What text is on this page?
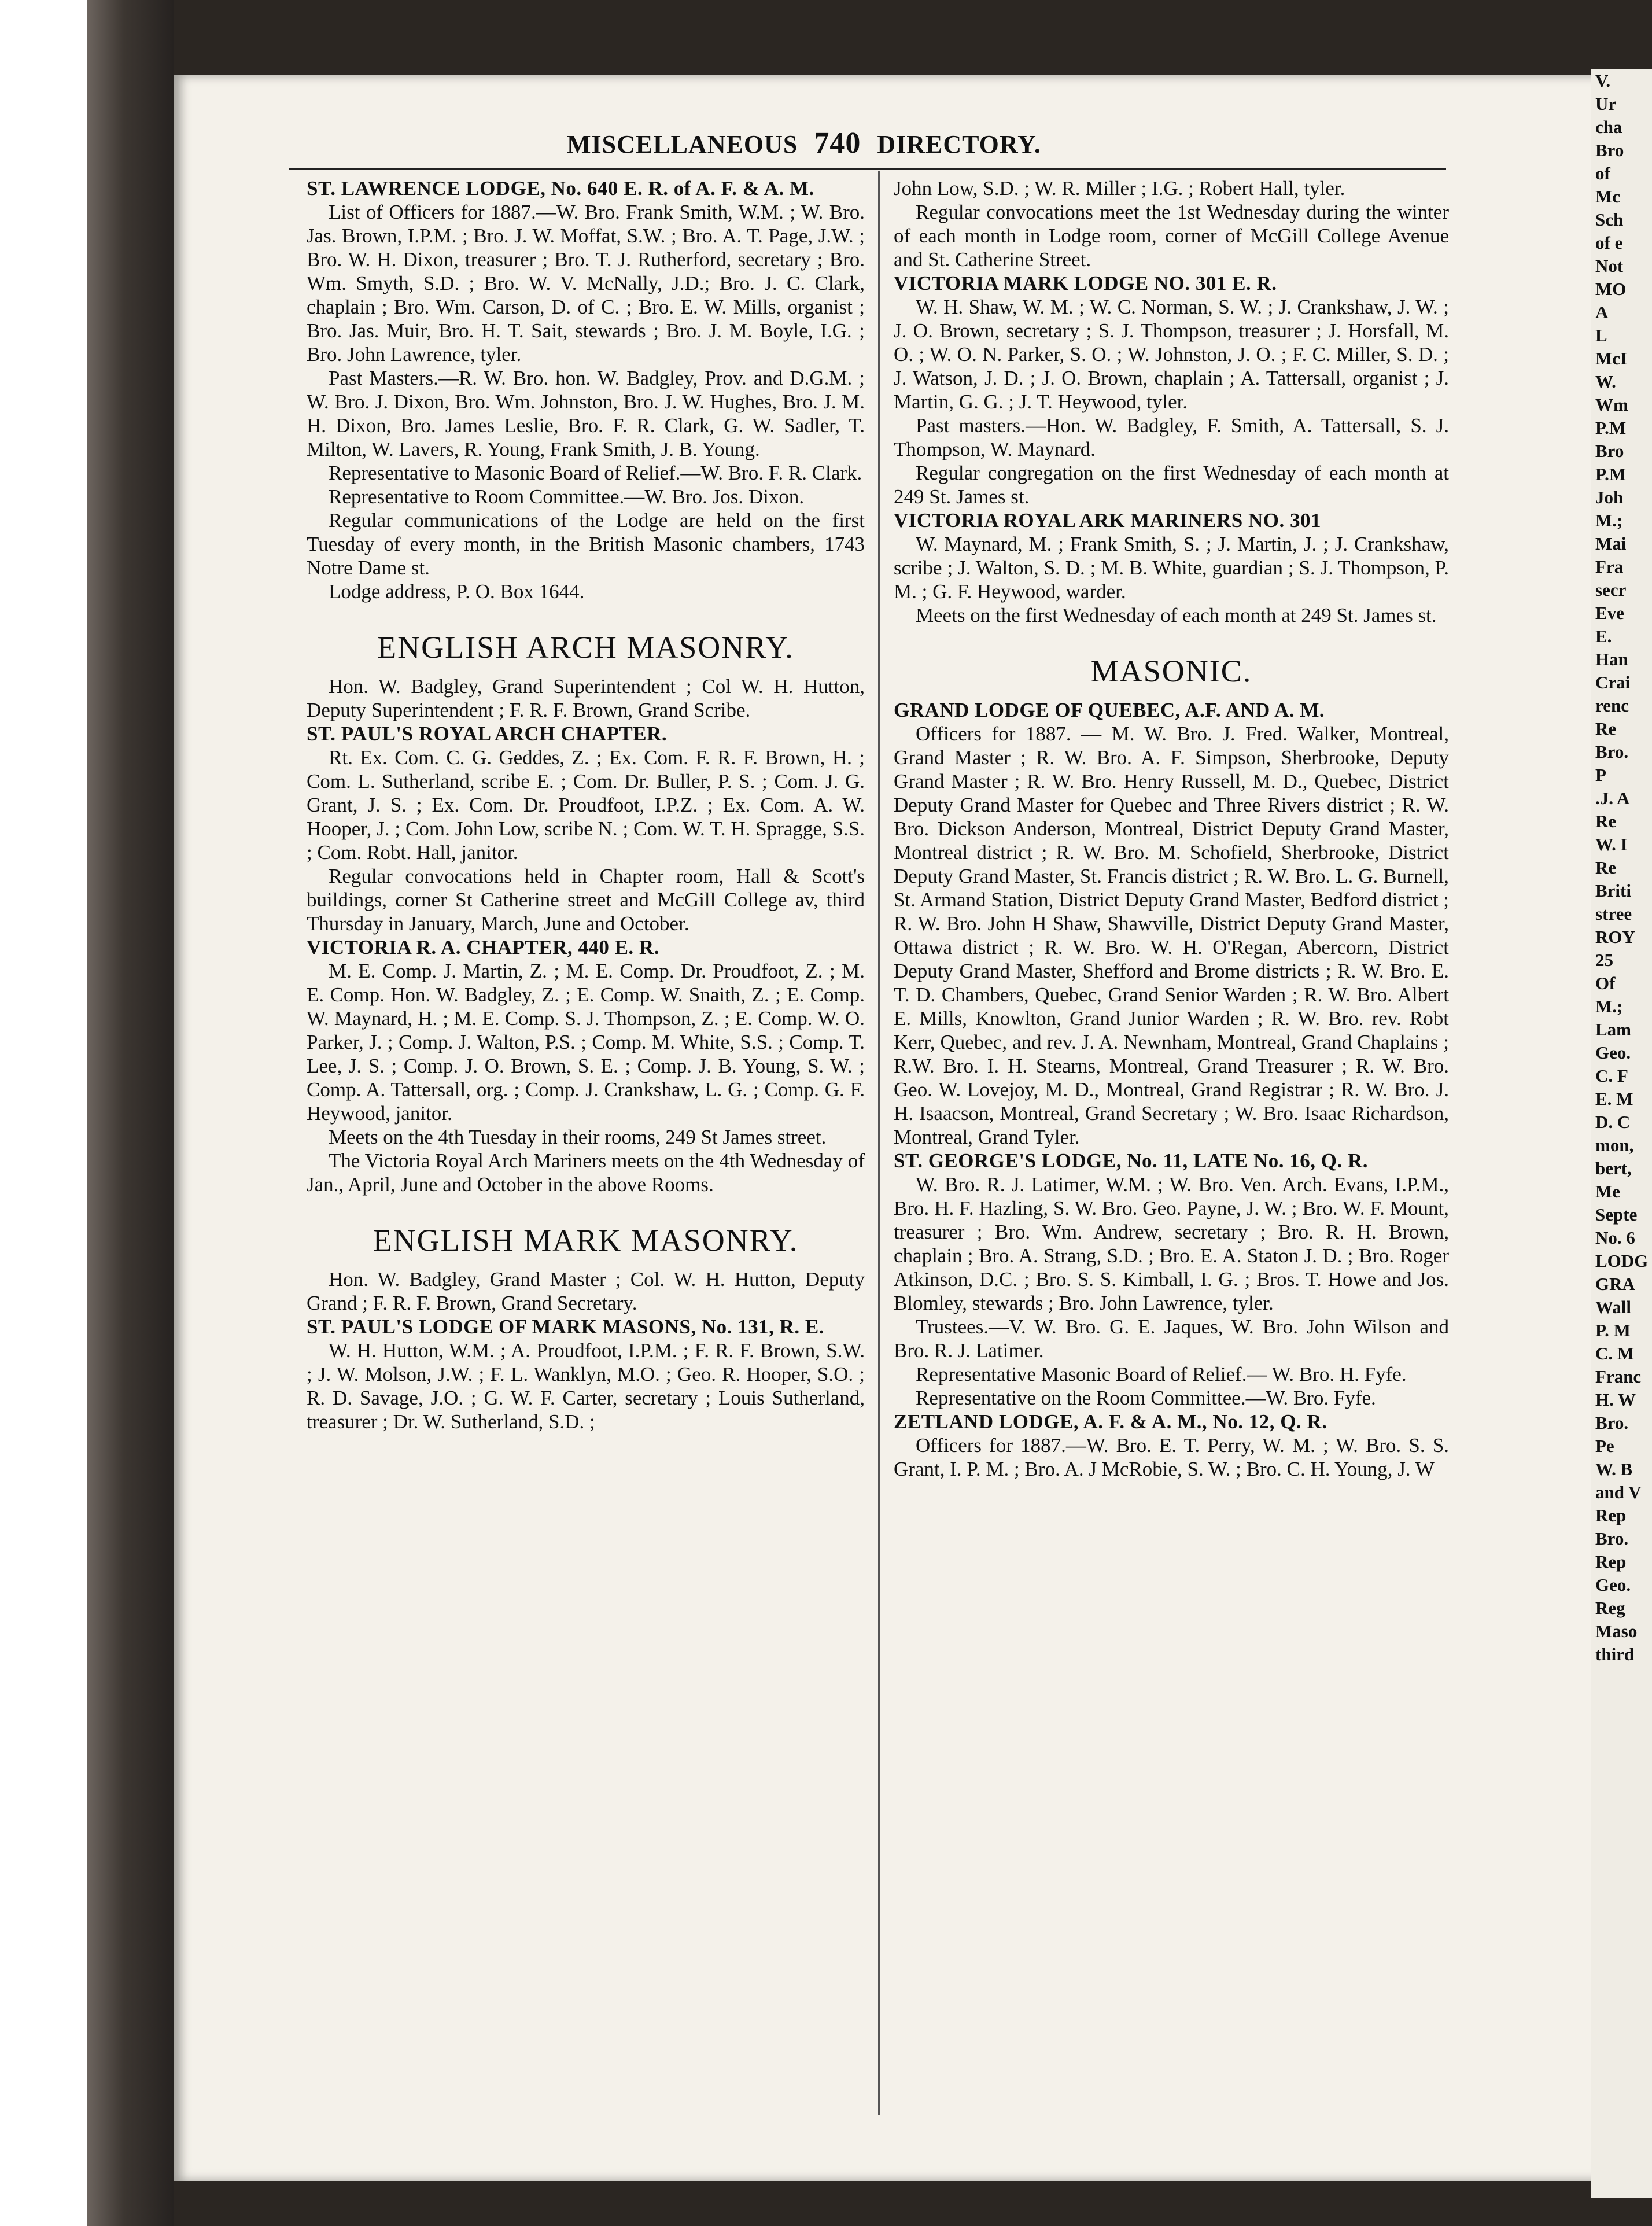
MISCELLANEOUS 740 DIRECTORY.

ST. LAWRENCE LODGE, No. 640 E. R. of A. F. & A. M.

List of Officers for 1887.—W. Bro. Frank Smith, W.M. ; W. Bro. Jas. Brown, I.P.M. ; Bro. J. W. Moffat, S.W. ; Bro. A. T. Page, J.W. ; Bro. W. H. Dixon, treasurer ; Bro. T. J. Rutherford, secretary ; Bro. Wm. Smyth, S.D. ; Bro. W. V. McNally, J.D.; Bro. J. C. Clark, chaplain ; Bro. Wm. Carson, D. of C. ; Bro. E. W. Mills, organist ; Bro. Jas. Muir, Bro. H. T. Sait, stewards ; Bro. J. M. Boyle, I.G. ; Bro. John Lawrence, tyler.

Past Masters.—R. W. Bro. hon. W. Badgley, Prov. and D.G.M. ; W. Bro. J. Dixon, Bro. Wm. Johnston, Bro. J. W. Hughes, Bro. J. M. H. Dixon, Bro. James Leslie, Bro. F. R. Clark, G. W. Sadler, T. Milton, W. Lavers, R. Young, Frank Smith, J. B. Young.

Representative to Masonic Board of Relief.—W. Bro. F. R. Clark.

Representative to Room Committee.—W. Bro. Jos. Dixon.

Regular communications of the Lodge are held on the first Tuesday of every month, in the British Masonic chambers, 1743 Notre Dame st.

Lodge address, P. O. Box 1644.

ENGLISH ARCH MASONRY.

Hon. W. Badgley, Grand Superintendent ; Col W. H. Hutton, Deputy Superintendent ; F. R. F. Brown, Grand Scribe.

ST. PAUL'S ROYAL ARCH CHAPTER.

Rt. Ex. Com. C. G. Geddes, Z. ; Ex. Com. F. R. F. Brown, H. ; Com. L. Sutherland, scribe E. ; Com. Dr. Buller, P. S. ; Com. J. G. Grant, J. S. ; Ex. Com. Dr. Proudfoot, I.P.Z. ; Ex. Com. A. W. Hooper, J. ; Com. John Low, scribe N. ; Com. W. T. H. Spragge, S.S. ; Com. Robt. Hall, janitor.

Regular convocations held in Chapter room, Hall & Scott's buildings, corner St Catherine street and McGill College av, third Thursday in January, March, June and October.

VICTORIA R. A. CHAPTER, 440 E. R.

M. E. Comp. J. Martin, Z. ; M. E. Comp. Dr. Proudfoot, Z. ; M. E. Comp. Hon. W. Badgley, Z. ; E. Comp. W. Snaith, Z. ; E. Comp. W. Maynard, H. ; M. E. Comp. S. J. Thompson, Z. ; E. Comp. W. O. Parker, J. ; Comp. J. Walton, P.S. ; Comp. M. White, S.S. ; Comp. T. Lee, J. S. ; Comp. J. O. Brown, S. E. ; Comp. J. B. Young, S. W. ; Comp. A. Tattersall, org. ; Comp. J. Crankshaw, L. G. ; Comp. G. F. Heywood, janitor.

Meets on the 4th Tuesday in their rooms, 249 St James street.

The Victoria Royal Arch Mariners meets on the 4th Wednesday of Jan., April, June and October in the above Rooms.

ENGLISH MARK MASONRY.

Hon. W. Badgley, Grand Master ; Col. W. H. Hutton, Deputy Grand ; F. R. F. Brown, Grand Secretary.

ST. PAUL'S LODGE OF MARK MASONS, No. 131, R. E.

W. H. Hutton, W.M. ; A. Proudfoot, I.P.M. ; F. R. F. Brown, S.W. ; J. W. Molson, J.W. ; F. L. Wanklyn, M.O. ; Geo. R. Hooper, S.O. ; R. D. Savage, J.O. ; G. W. F. Carter, secretary ; Louis Sutherland, treasurer ; Dr. W. Sutherland, S.D. ;

John Low, S.D. ; W. R. Miller ; I.G. ; Robert Hall, tyler.

Regular convocations meet the 1st Wednesday during the winter of each month in Lodge room, corner of McGill College Avenue and St. Catherine Street.

VICTORIA MARK LODGE NO. 301 E. R.

W. H. Shaw, W. M. ; W. C. Norman, S. W. ; J. Crankshaw, J. W. ; J. O. Brown, secretary ; S. J. Thompson, treasurer ; J. Horsfall, M. O. ; W. O. N. Parker, S. O. ; W. Johnston, J. O. ; F. C. Miller, S. D. ; J. Watson, J. D. ; J. O. Brown, chaplain ; A. Tattersall, organist ; J. Martin, G. G. ; J. T. Heywood, tyler.

Past masters.—Hon. W. Badgley, F. Smith, A. Tattersall, S. J. Thompson, W. Maynard.

Regular congregation on the first Wednesday of each month at 249 St. James st.

VICTORIA ROYAL ARK MARINERS NO. 301

W. Maynard, M. ; Frank Smith, S. ; J. Martin, J. ; J. Crankshaw, scribe ; J. Walton, S. D. ; M. B. White, guardian ; S. J. Thompson, P. M. ; G. F. Heywood, warder.

Meets on the first Wednesday of each month at 249 St. James st.

MASONIC.

GRAND LODGE OF QUEBEC, A.F. AND A. M.

Officers for 1887. — M. W. Bro. J. Fred. Walker, Montreal, Grand Master ; R. W. Bro. A. F. Simpson, Sherbrooke, Deputy Grand Master ; R. W. Bro. Henry Russell, M. D., Quebec, District Deputy Grand Master for Quebec and Three Rivers district ; R. W. Bro. Dickson Anderson, Montreal, District Deputy Grand Master, Montreal district ; R. W. Bro. M. Schofield, Sherbrooke, District Deputy Grand Master, St. Francis district ; R. W. Bro. L. G. Burnell, St. Armand Station, District Deputy Grand Master, Bedford district ; R. W. Bro. John H Shaw, Shawville, District Deputy Grand Master, Ottawa district ; R. W. Bro. W. H. O'Regan, Abercorn, District Deputy Grand Master, Shefford and Brome districts ; R. W. Bro. E. T. D. Chambers, Quebec, Grand Senior Warden ; R. W. Bro. Albert E. Mills, Knowlton, Grand Junior Warden ; R. W. Bro. rev. Robt Kerr, Quebec, and rev. J. A. Newnham, Montreal, Grand Chaplains ; R.W. Bro. I. H. Stearns, Montreal, Grand Treasurer ; R. W. Bro. Geo. W. Lovejoy, M. D., Montreal, Grand Registrar ; R. W. Bro. J. H. Isaacson, Montreal, Grand Secretary ; W. Bro. Isaac Richardson, Montreal, Grand Tyler.

ST. GEORGE'S LODGE, No. 11, LATE No. 16, Q. R.

W. Bro. R. J. Latimer, W.M. ; W. Bro. Ven. Arch. Evans, I.P.M., Bro. H. F. Hazling, S. W. Bro. Geo. Payne, J. W. ; Bro. W. F. Mount, treasurer ; Bro. Wm. Andrew, secretary ; Bro. R. H. Brown, chaplain ; Bro. A. Strang, S.D. ; Bro. E. A. Staton J. D. ; Bro. Roger Atkinson, D.C. ; Bro. S. S. Kimball, I. G. ; Bros. T. Howe and Jos. Blomley, stewards ; Bro. John Lawrence, tyler.

Trustees.—V. W. Bro. G. E. Jaques, W. Bro. John Wilson and Bro. R. J. Latimer.

Representative Masonic Board of Relief.— W. Bro. H. Fyfe.

Representative on the Room Committee.—W. Bro. Fyfe.

ZETLAND LODGE, A. F. & A. M., No. 12, Q. R.

Officers for 1887.—W. Bro. E. T. Perry, W. M. ; W. Bro. S. S. Grant, I. P. M. ; Bro. A. J McRobie, S. W. ; Bro. C. H. Young, J. W

V.
Ur
cha
Bro
of
Mc
Sch
of e
Not
MO
A
L
McI
W.
Wm
P.M
Bro
P.M
Joh
M.;
Mai
Fra
secr
Eve
E.
Han
Crai
renc
Re
Bro.
P
.J. A
Re
W. I
Re
Briti
stree
ROY
25
Of
M.;
Lam
Geo.
C. F
E. M
D. C
mon,
bert,
Me
Septe
No. 6
LODG
GRA
Wall
P. M
C. M
Franc
H. W
Bro.
Pe
W. B
and V
Rep
Bro.
Rep
Geo.
Reg
Maso
third
